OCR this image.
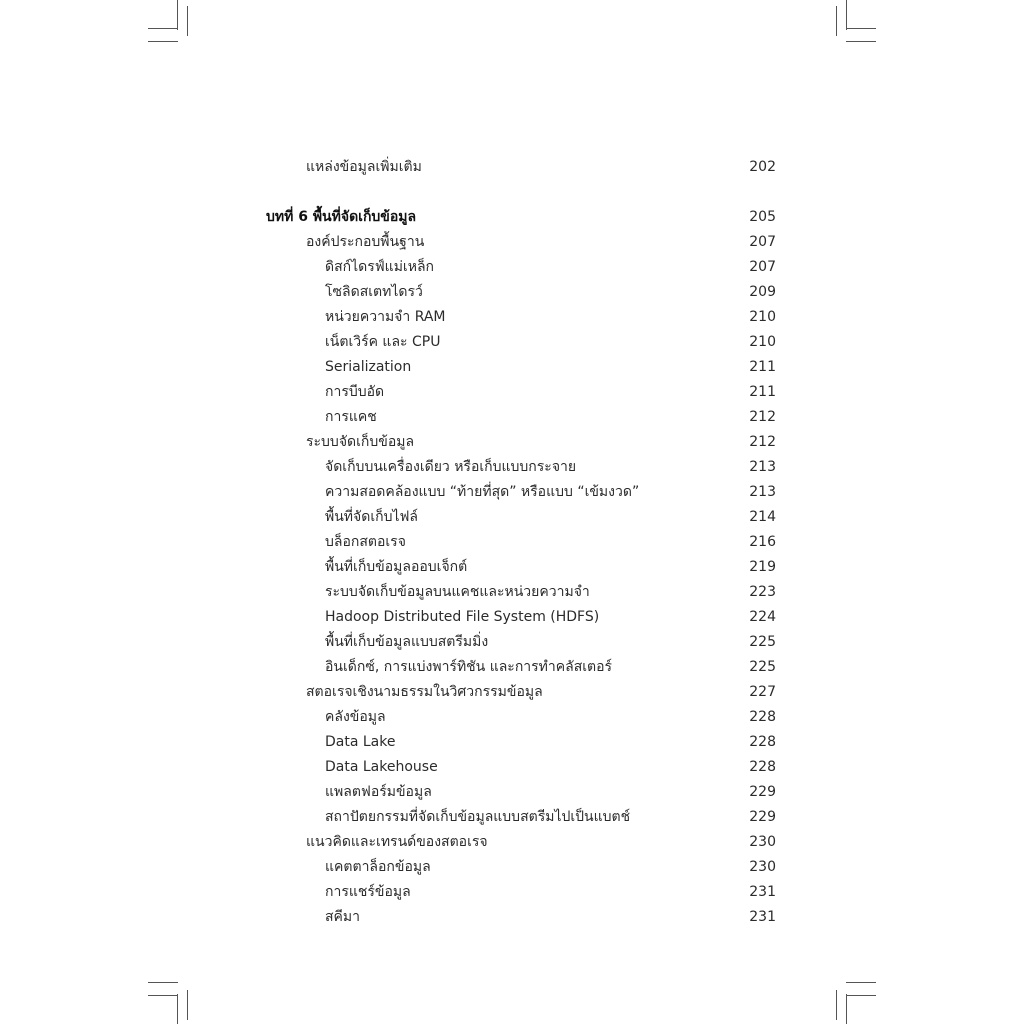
แหล่งข้อมูลเพิ่มเติม	202
บทที่ 6 พื้นที่จัดเก็บข้อมูล	205
องค์ประกอบพื้นฐาน	207
ดิสก์ไดรฟ์แม่เหล็ก	207
โซลิดสเตทไดรว์	209
หน่วยความจำ RAM	210
เน็ตเวิร์ค และ CPU	210
Serialization	211
การบีบอัด	211
การแคช	212
ระบบจัดเก็บข้อมูล	212
จัดเก็บบนเครื่องเดียว หรือเก็บแบบกระจาย	213
ความสอดคล้องแบบ “ท้ายที่สุด” หรือแบบ “เข้มงวด”	213
พื้นที่จัดเก็บไฟล์	214
บล็อกสตอเรจ	216
พื้นที่เก็บข้อมูลออบเจ็กต์	219
ระบบจัดเก็บข้อมูลบนแคชและหน่วยความจำ	223
Hadoop Distributed File System (HDFS)	224
พื้นที่เก็บข้อมูลแบบสตรีมมิ่ง	225
อินเด็กซ์, การแบ่งพาร์ทิชัน และการทำคลัสเตอร์	225
สตอเรจเชิงนามธรรมในวิศวกรรมข้อมูล	227
คลังข้อมูล	228
Data Lake	228
Data Lakehouse	228
แพลตฟอร์มข้อมูล	229
สถาปัตยกรรมที่จัดเก็บข้อมูลแบบสตรีมไปเป็นแบตช์	229
แนวคิดและเทรนด์ของสตอเรจ	230
แคตตาล็อกข้อมูล	230
การแชร์ข้อมูล	231
สคีมา	231
